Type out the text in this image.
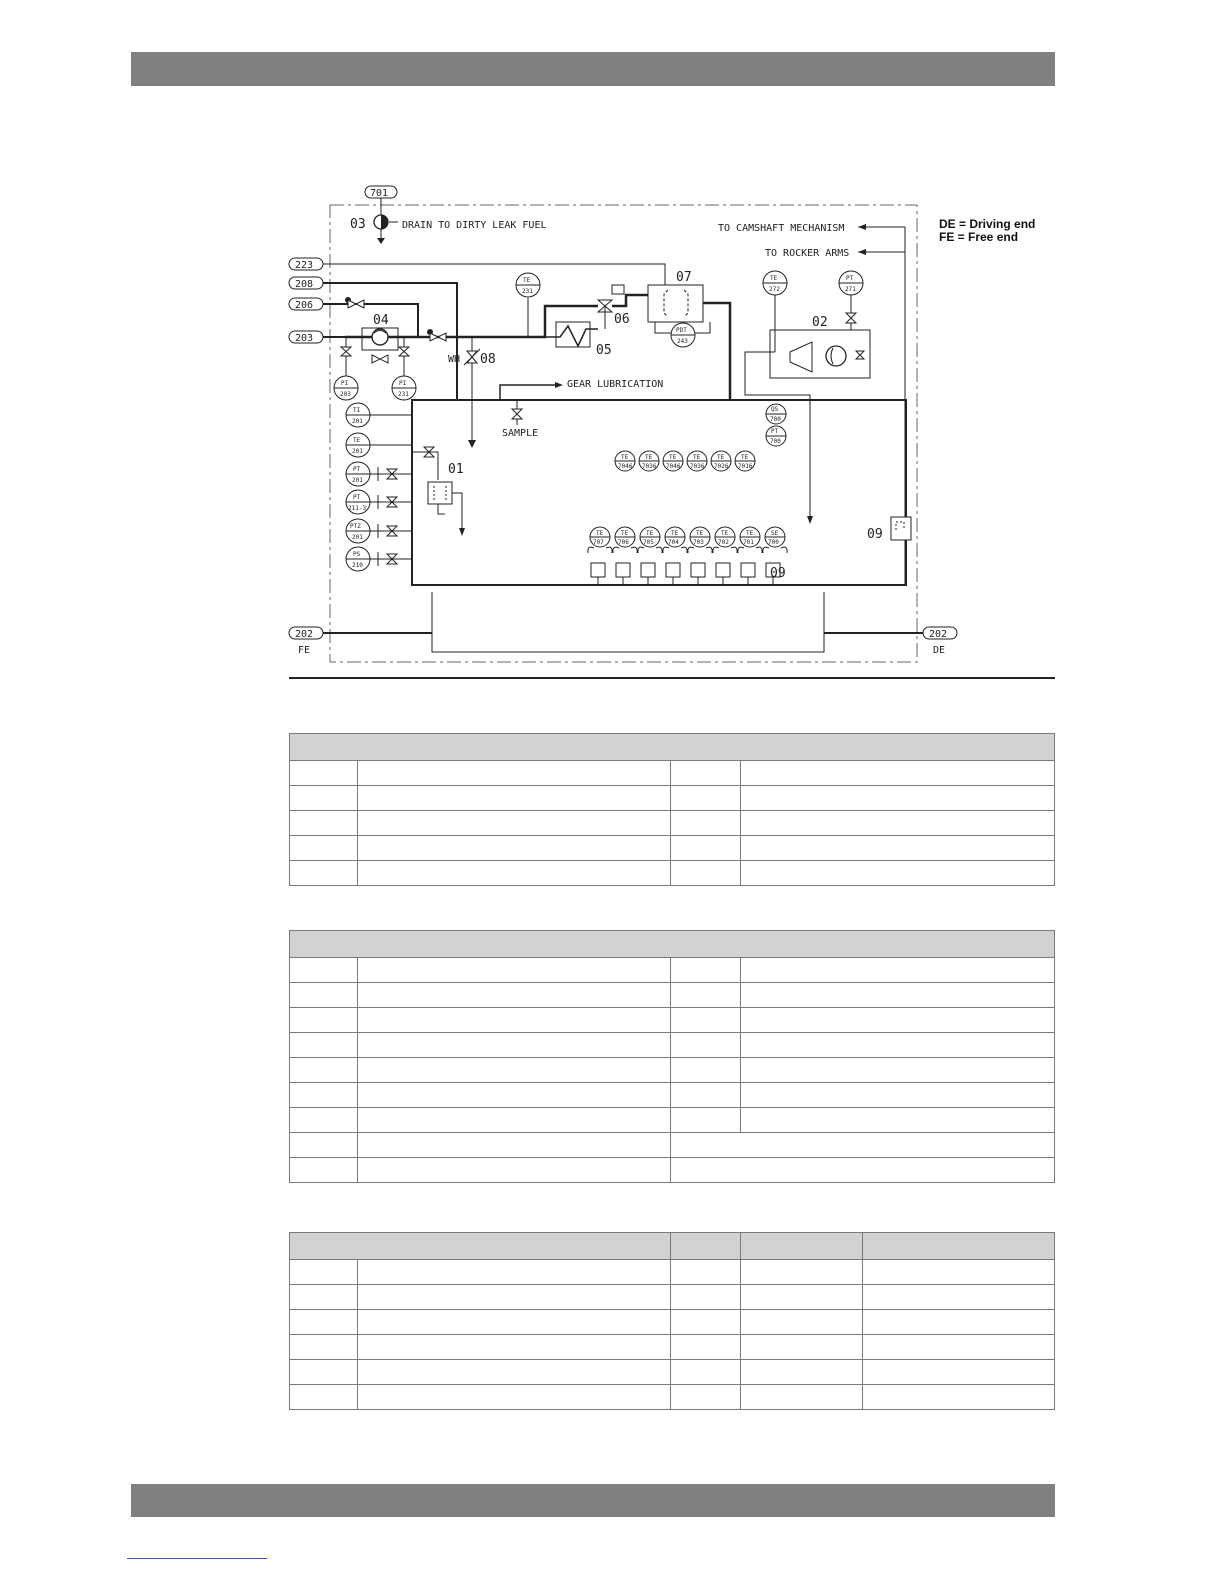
701
03	DRAIN TO DIRTY LEAK FUEL	TO CAMSHAFT MECHANISM
TO ROCKER ARMS
223
208
206
203
04
WH 08
05
06
07
GEAR LUBRICATION
SAMPLE
01
02
09
TE
231
TE
272
PT
271
PDT
243
PI
203
PI
231
TI
201
TE
201
PT
201
PT
211-3
PTZ
201
PS
210
QS
700
PT
700
TE
7046
TE
7036
TE
7046
TE
7036
TE
7026
TE
7016
TE
707
TE
706
TE
705
TE
704
TE
703
TE
702
TE
701
SE
700
09
202
FE
202
DE
DE = Driving end
FE = Free end
